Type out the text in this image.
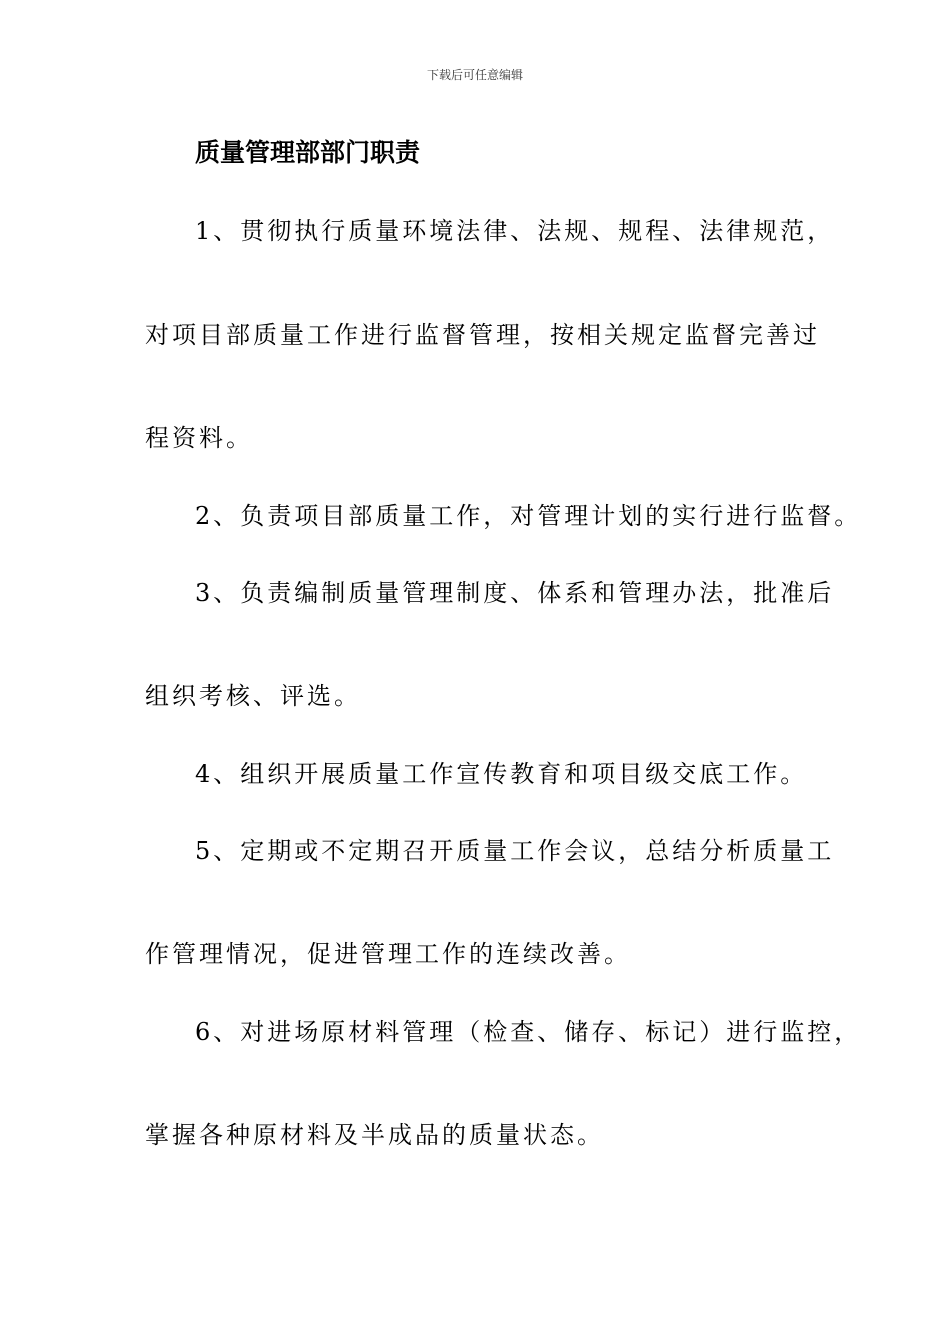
下载后可任意编辑
质量管理部部门职责
1、贯彻执行质量环境法律、法规、规程、法律规范，
对项目部质量工作进行监督管理，按相关规定监督完善过
程资料。
2、负责项目部质量工作，对管理计划的实行进行监督。
3、负责编制质量管理制度、体系和管理办法，批准后
组织考核、评选。
4、组织开展质量工作宣传教育和项目级交底工作。
5、定期或不定期召开质量工作会议，总结分析质量工
作管理情况，促进管理工作的连续改善。
6、对进场原材料管理（检查、储存、标记）进行监控，
掌握各种原材料及半成品的质量状态。
